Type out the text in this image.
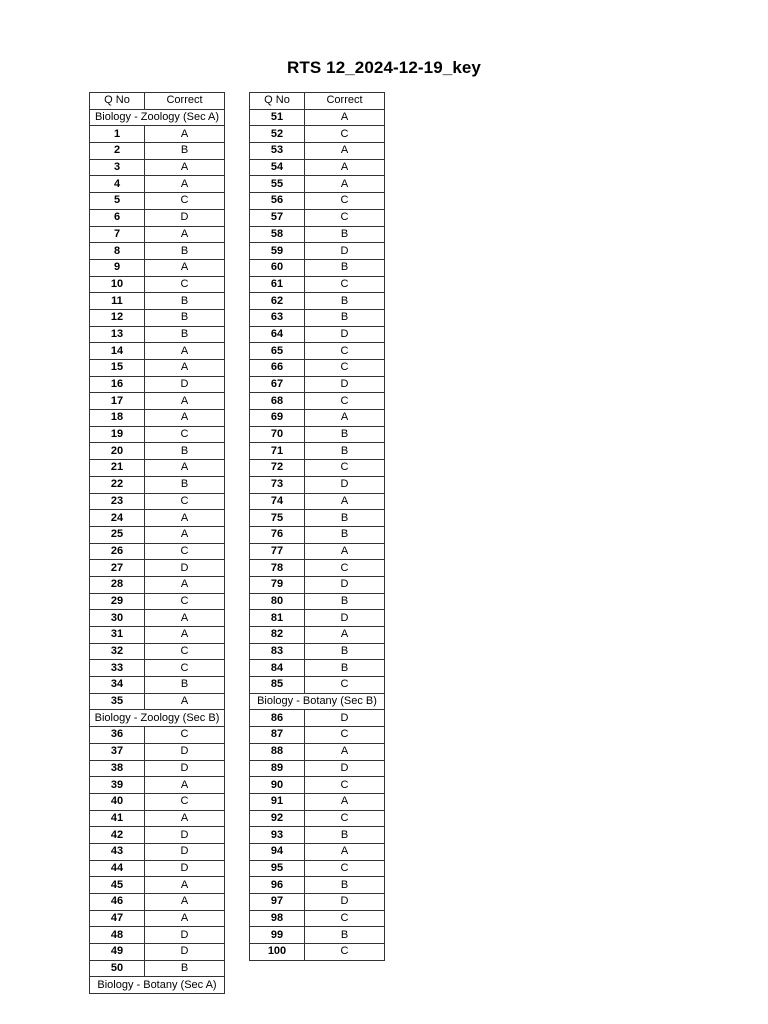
RTS 12_2024-12-19_key
Q No	Correct
Biology - Zoology (Sec A)	
1	A
2	B
3	A
4	A
5	C
6	D
7	A
8	B
9	A
10	C
11	B
12	B
13	B
14	A
15	A
16	D
17	A
18	A
19	C
20	B
21	A
22	B
23	C
24	A
25	A
26	C
27	D
28	A
29	C
30	A
31	A
32	C
33	C
34	B
35	A
Biology - Zoology (Sec B)	
36	C
37	D
38	D
39	A
40	C
41	A
42	D
43	D
44	D
45	A
46	A
47	A
48	D
49	D
50	B
Biology - Botany (Sec A)	
Q No	Correct
51	A
52	C
53	A
54	A
55	A
56	C
57	C
58	B
59	D
60	B
61	C
62	B
63	B
64	D
65	C
66	C
67	D
68	C
69	A
70	B
71	B
72	C
73	D
74	A
75	B
76	B
77	A
78	C
79	D
80	B
81	D
82	A
83	B
84	B
85	C
Biology - Botany (Sec B)	
86	D
87	C
88	A
89	D
90	C
91	A
92	C
93	B
94	A
95	C
96	B
97	D
98	C
99	B
100	C
